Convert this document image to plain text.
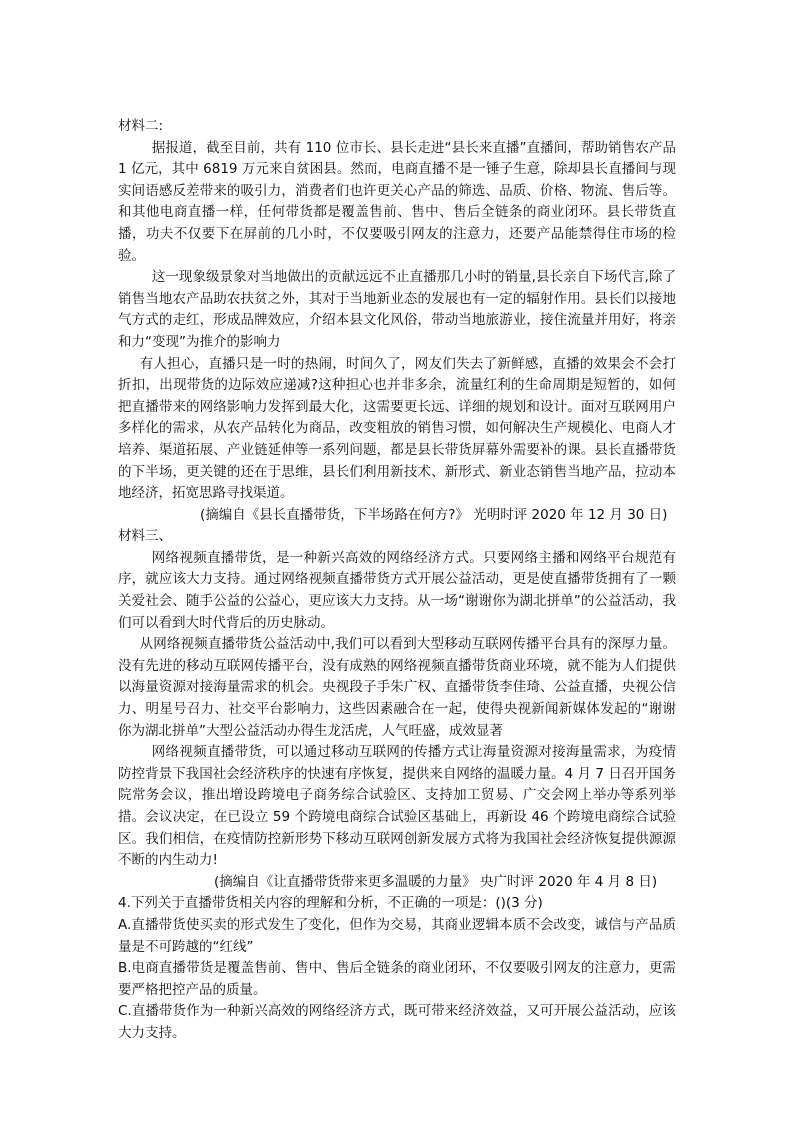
材料二:

据报道，截至目前，共有 110 位市长、县长走进“县长来直播”直播间，帮助销售农产品 1 亿元，其中 6819 万元来自贫困县。然而，电商直播不是一锤子生意，除却县长直播间与现实间语感反差带来的吸引力，消费者们也许更关心产品的筛选、品质、价格、物流、售后等。和其他电商直播一样，任何带货都是覆盖售前、售中、售后全链条的商业闭环。县长带货直播，功夫不仅要下在屏前的几小时，不仅要吸引网友的注意力，还要产品能禁得住市场的检验。

这一现象级景象对当地做出的贡献远远不止直播那几小时的销量,县长亲自下场代言,除了销售当地农产品助农扶贫之外，其对于当地新业态的发展也有一定的辐射作用。县长们以接地气方式的走红，形成品牌效应，介绍本县文化风俗，带动当地旅游业，接住流量并用好，将亲和力“变现”为推介的影响力

有人担心，直播只是一时的热闹，时间久了，网友们失去了新鲜感，直播的效果会不会打折扣，出现带货的边际效应递减?这种担心也并非多余，流量红利的生命周期是短暂的，如何把直播带来的网络影响力发挥到最大化，这需要更长远、详细的规划和设计。面对互联网用户多样化的需求，从农产品转化为商品，改变粗放的销售习惯，如何解决生产规模化、电商人才培养、渠道拓展、产业链延伸等一系列问题，都是县长带货屏幕外需要补的课。县长直播带货的下半场，更关键的还在于思维，县长们利用新技术、新形式、新业态销售当地产品，拉动本地经济，拓宽思路寻找渠道。

(摘编自《县长直播带货，下半场路在何方?》 光明时评 2020 年 12 月 30 日)

材料三、

网络视频直播带货，是一种新兴高效的网络经济方式。只要网络主播和网络平台规范有序，就应该大力支持。通过网络视频直播带货方式开展公益活动，更是使直播带货拥有了一颗关爱社会、随手公益的公益心，更应该大力支持。从一场“谢谢你为湖北拼单”的公益活动，我们可以看到大时代背后的历史脉动。

从网络视频直播带货公益活动中,我们可以看到大型移动互联网传播平台具有的深厚力量。没有先进的移动互联网传播平台，没有成熟的网络视频直播带货商业环境，就不能为人们提供以海量资源对接海量需求的机会。央视段子手朱广权、直播带货李佳琦、公益直播，央视公信力、明星号召力、社交平台影响力，这些因素融合在一起，使得央视新闻新媒体发起的“谢谢你为湖北拼单”大型公益活动办得生龙活虎，人气旺盛，成效显著

网络视频直播带货，可以通过移动互联网的传播方式让海量资源对接海量需求，为疫情防控背景下我国社会经济秩序的快速有序恢复，提供来自网络的温暖力量。4 月 7 日召开国务院常务会议，推出增设跨境电子商务综合试验区、支持加工贸易、广交会网上举办等系列举措。会议决定，在已设立 59 个跨境电商综合试验区基础上，再新设 46 个跨境电商综合试验区。我们相信，在疫情防控新形势下移动互联网创新发展方式将为我国社会经济恢复提供源源不断的内生动力!

(摘编自《让直播带货带来更多温暖的力量》 央广时评 2020 年 4 月 8 日)

4.下列关于直播带货相关内容的理解和分析，不正确的一项是：()(3 分)

A.直播带货使买卖的形式发生了变化，但作为交易，其商业逻辑本质不会改变，诚信与产品质量是不可跨越的“红线”

B.电商直播带货是覆盖售前、售中、售后全链条的商业闭环，不仅要吸引网友的注意力，更需要严格把控产品的质量。

C.直播带货作为一种新兴高效的网络经济方式，既可带来经济效益，又可开展公益活动，应该大力支持。
